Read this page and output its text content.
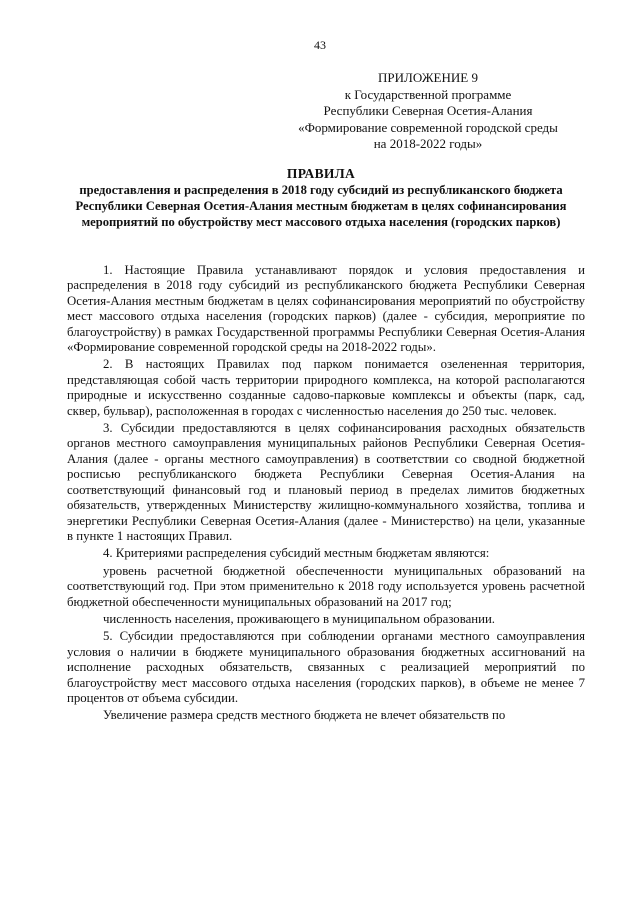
43
ПРИЛОЖЕНИЕ 9
к Государственной программе
Республики Северная Осетия-Алания
«Формирование современной городской среды
на 2018-2022 годы»
ПРАВИЛА
предоставления и распределения в 2018 году субсидий из республиканского бюджета Республики Северная Осетия-Алания местным бюджетам в целях софинансирования мероприятий по обустройству мест массового отдыха населения (городских парков)

1. Настоящие Правила устанавливают порядок и условия предоставления и распределения в 2018 году субсидий из республиканского бюджета Республики Северная Осетия-Алания местным бюджетам в целях софинансирования мероприятий по обустройству мест массового отдыха населения (городских парков) (далее - субсидия, мероприятие по благоустройству) в рамках Государственной программы Республики Северная Осетия-Алания «Формирование современной городской среды на 2018-2022 годы».

2. В настоящих Правилах под парком понимается озелененная территория, представляющая собой часть территории природного комплекса, на которой располагаются природные и искусственно созданные садово-парковые комплексы и объекты (парк, сад, сквер, бульвар), расположенная в городах с численностью населения до 250 тыс. человек.

3. Субсидии предоставляются в целях софинансирования расходных обязательств органов местного самоуправления муниципальных районов Республики Северная Осетия-Алания (далее - органы местного самоуправления) в соответствии со сводной бюджетной росписью республиканского бюджета Республики Северная Осетия-Алания на соответствующий финансовый год и плановый период в пределах лимитов бюджетных обязательств, утвержденных Министерству жилищно-коммунального хозяйства, топлива и энергетики Республики Северная Осетия-Алания (далее - Министерство) на цели, указанные в пункте 1 настоящих Правил.

4. Критериями распределения субсидий местным бюджетам являются:

уровень расчетной бюджетной обеспеченности муниципальных образований на соответствующий год. При этом применительно к 2018 году используется уровень расчетной бюджетной обеспеченности муниципальных образований на 2017 год;

численность населения, проживающего в муниципальном образовании.

5. Субсидии предоставляются при соблюдении органами местного самоуправления условия о наличии в бюджете муниципального образования бюджетных ассигнований на исполнение расходных обязательств, связанных с реализацией мероприятий по благоустройству мест массового отдыха населения (городских парков), в объеме не менее 7 процентов от объема субсидии.

Увеличение размера средств местного бюджета не влечет обязательств по
